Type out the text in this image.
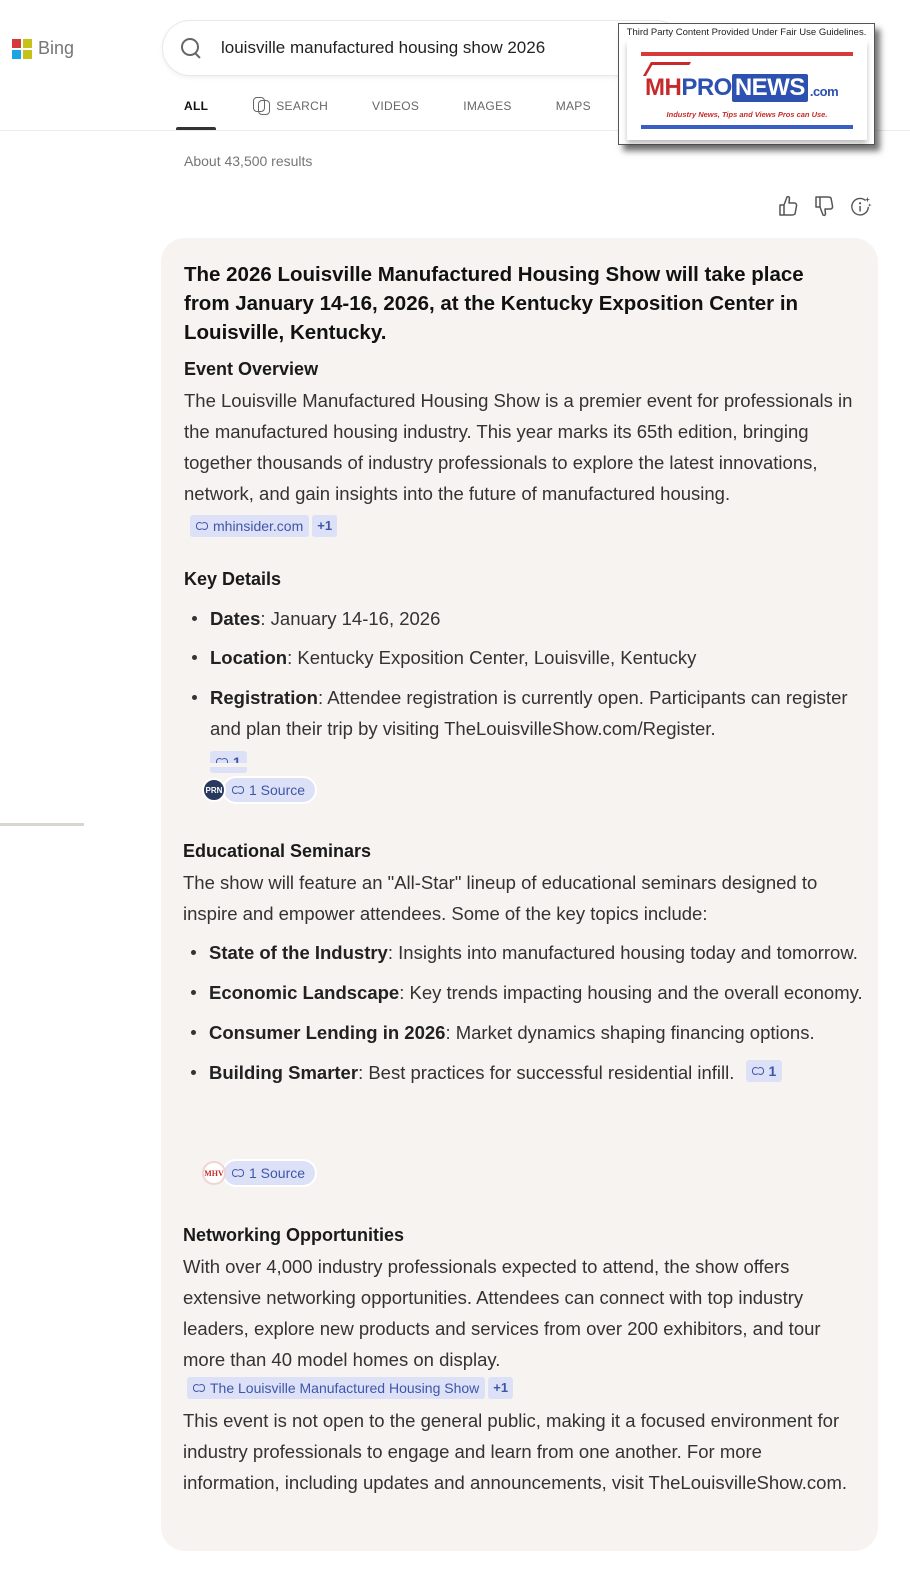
Bing
louisville manufactured housing show 2026
ALL	SEARCH	VIDEOS	IMAGES	MAPS
Third Party Content Provided Under Fair Use Guidelines.
MH PRO NEWS .com
Industry News, Tips and Views Pros can Use.
About 43,500 results
The 2026 Louisville Manufactured Housing Show will take place from January 14-16, 2026, at the Kentucky Exposition Center in Louisville, Kentucky.
Event Overview
The Louisville Manufactured Housing Show is a premier event for professionals in the manufactured housing industry. This year marks its 65th edition, bringing together thousands of industry professionals to explore the latest innovations, network, and gain insights into the future of manufactured housing.
mhinsider.com +1
Key Details
Dates: January 14-16, 2026
Location: Kentucky Exposition Center, Louisville, Kentucky
Registration: Attendee registration is currently open. Participants can register and plan their trip by visiting TheLouisvilleShow.com/Register.

PRN 1 Source
Educational Seminars
The show will feature an "All-Star" lineup of educational seminars designed to inspire and empower attendees. Some of the key topics include:
State of the Industry: Insights into manufactured housing today and tomorrow.
Economic Landscape: Key trends impacting housing and the overall economy.
Consumer Lending in 2026: Market dynamics shaping financing options.
Building Smarter: Best practices for successful residential infill. 1
MHV 1 Source
Networking Opportunities
With over 4,000 industry professionals expected to attend, the show offers extensive networking opportunities. Attendees can connect with top industry leaders, explore new products and services from over 200 exhibitors, and tour more than 40 model homes on display.
The Louisville Manufactured Housing Show +1
This event is not open to the general public, making it a focused environment for industry professionals to engage and learn from one another. For more information, including updates and announcements, visit TheLouisvilleShow.com.
